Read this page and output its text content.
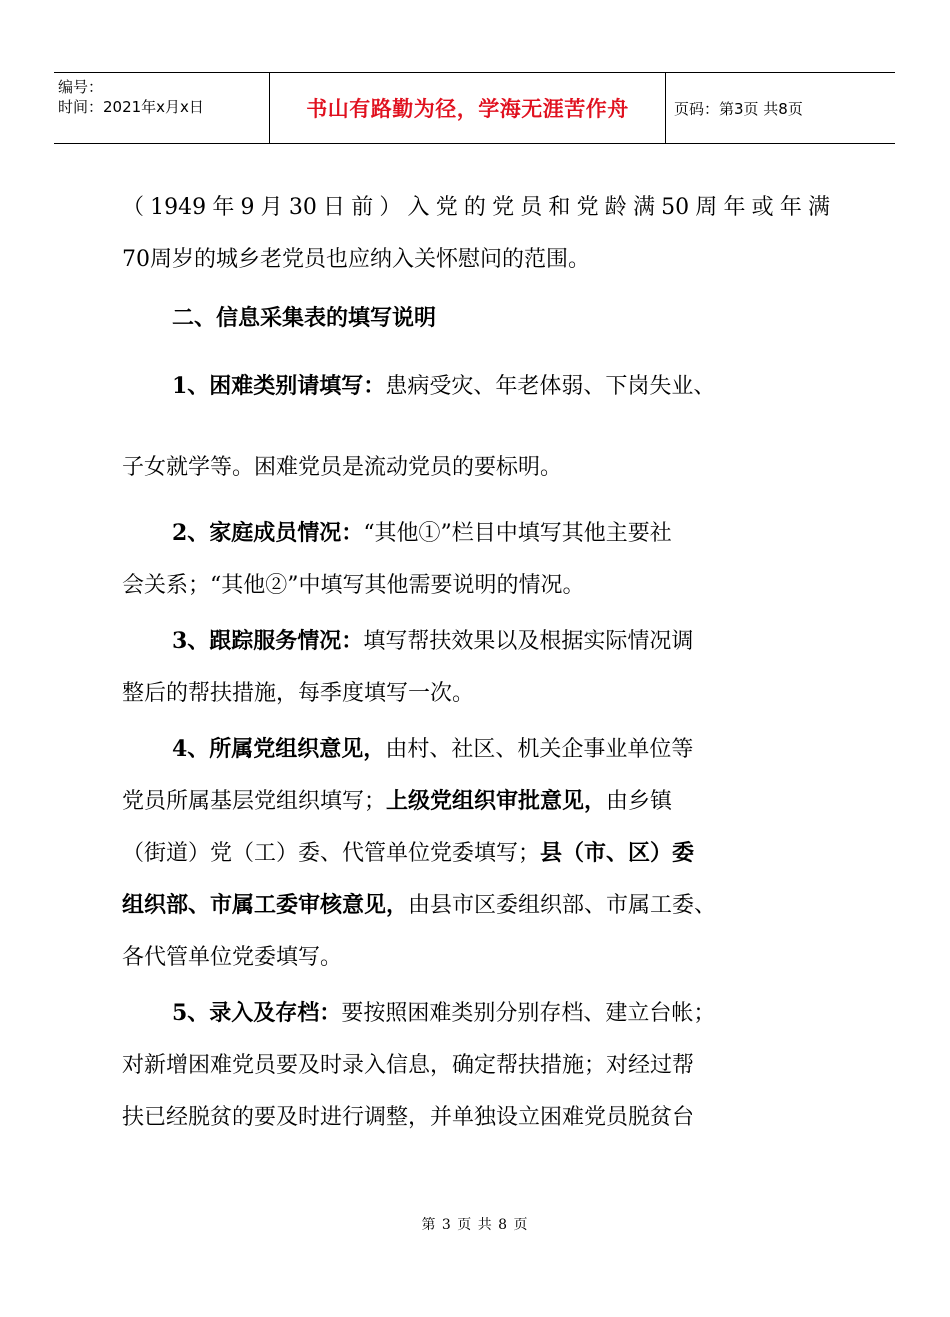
编号：
时间：2021年x月x日	书山有路勤为径，学海无涯苦作舟	页码：第3页 共8页
（1949年9月30日前）入党的党员和党龄满50周年或年满
70周岁的城乡老党员也应纳入关怀慰问的范围。
二、信息采集表的填写说明
1、困难类别请填写：患病受灾、年老体弱、下岗失业、
子女就学等。困难党员是流动党员的要标明。
2、家庭成员情况：“其他①”栏目中填写其他主要社
会关系；“其他②”中填写其他需要说明的情况。
3、跟踪服务情况：填写帮扶效果以及根据实际情况调
整后的帮扶措施，每季度填写一次。
4、所属党组织意见，由村、社区、机关企事业单位等
党员所属基层党组织填写；上级党组织审批意见，由乡镇
（街道）党（工）委、代管单位党委填写；县（市、区）委
组织部、市属工委审核意见，由县市区委组织部、市属工委、
各代管单位党委填写。
5、录入及存档：要按照困难类别分别存档、建立台帐；
对新增困难党员要及时录入信息，确定帮扶措施；对经过帮
扶已经脱贫的要及时进行调整，并单独设立困难党员脱贫台
第 3 页 共 8 页
